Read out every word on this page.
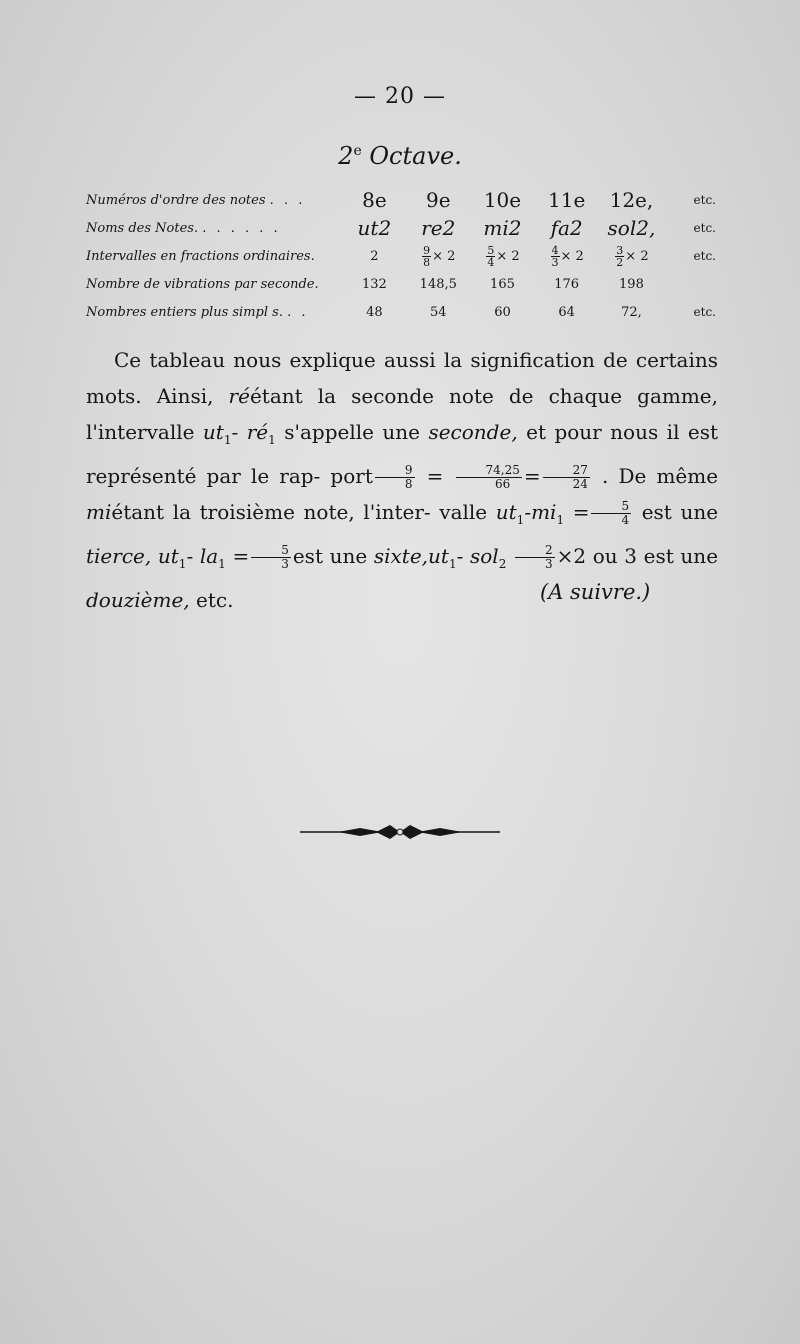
— 20 —
2e Octave.
Numéros d'ordre des notes . . .	8e	9e	10e	11e	12e,	etc.
Noms des Notes. . . . . . .	ut2	re2	mi2	fa2	sol2,	etc.
Intervalles en fractions ordinaires.	2	$\frac{9}{8} \times 2$	$\frac{5}{4} \times 2$	$\frac{4}{3} \times 2$	$\frac{3}{2} \times 2$	etc.
Nombre de vibrations par seconde.	132	148,5	165	176	198	
Nombres entiers plus simpl s. . .	48	54	60	64	72,	etc.

Ce tableau nous explique aussi la signification de certains mots. Ainsi, réétant la seconde note de chaque gamme, l'intervalle $ut_1-$ $ré_1$ s'appelle une seconde, et pour nous il est représenté par le rap- port $\frac{9}{8} = \frac{74,25}{66} = \frac{27}{24}$ . De même miétant la troisième note, l'inter- valle $ut_1-mi_1 = \frac{5}{4}$ est une tierce, $ut_1-$ $la_1 = \frac{5}{3}$ est une $sixte,ut_1-$ $sol_2 \frac{2}{3} \times 2$ ou 3 est une douzième, etc.	(A suivre.)
